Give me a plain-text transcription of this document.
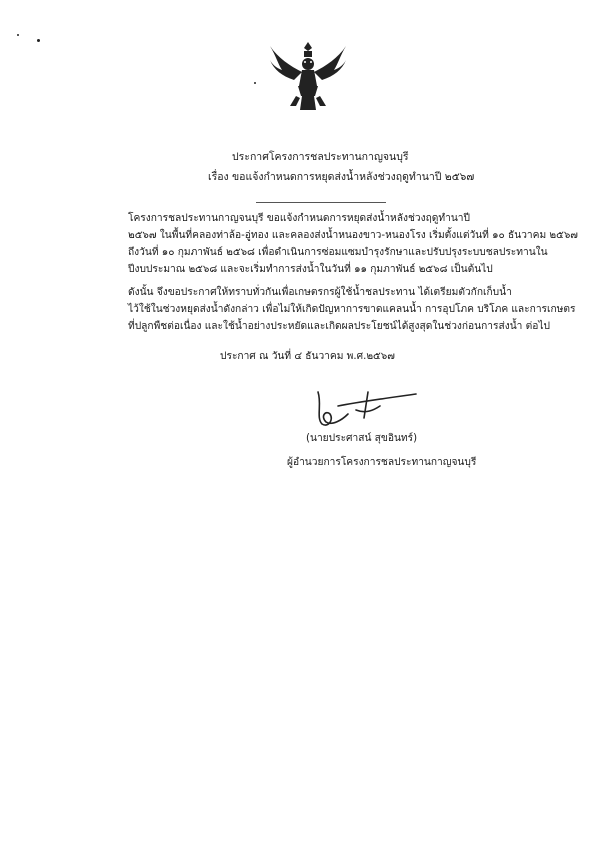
ประกาศโครงการชลประทานกาญจนบุรี
เรื่อง ขอแจ้งกำหนดการหยุดส่งน้ำหลังช่วงฤดูทำนาปี ๒๕๖๗
โครงการชลประทานกาญจนบุรี ขอแจ้งกำหนดการหยุดส่งน้ำหลังช่วงฤดูทำนาปี
๒๕๖๗ ในพื้นที่คลองท่าล้อ-อู่ทอง และคลองส่งน้ำหนองขาว-หนองโรง เริ่มตั้งแต่วันที่ ๑๐ ธันวาคม ๒๕๖๗
ถึงวันที่ ๑๐ กุมภาพันธ์ ๒๕๖๘ เพื่อดำเนินการซ่อมแซมบำรุงรักษาและปรับปรุงระบบชลประทานใน
ปีงบประมาณ ๒๕๖๘ และจะเริ่มทำการส่งน้ำในวันที่ ๑๑ กุมภาพันธ์ ๒๕๖๘ เป็นต้นไป
ดังนั้น จึงขอประกาศให้ทราบทั่วกันเพื่อเกษตรกรผู้ใช้น้ำชลประทาน ได้เตรียมตัวกักเก็บน้ำ
ไว้ใช้ในช่วงหยุดส่งน้ำดังกล่าว เพื่อไม่ให้เกิดปัญหาการขาดแคลนน้ำ การอุปโภค บริโภค และการเกษตร
ที่ปลูกพืชต่อเนื่อง และใช้น้ำอย่างประหยัดและเกิดผลประโยชน์ได้สูงสุดในช่วงก่อนการส่งน้ำ ต่อไป
ประกาศ ณ วันที่ ๔ ธันวาคม พ.ศ.๒๕๖๗
(นายประศาสน์ สุขอินทร์)
ผู้อำนวยการโครงการชลประทานกาญจนบุรี
